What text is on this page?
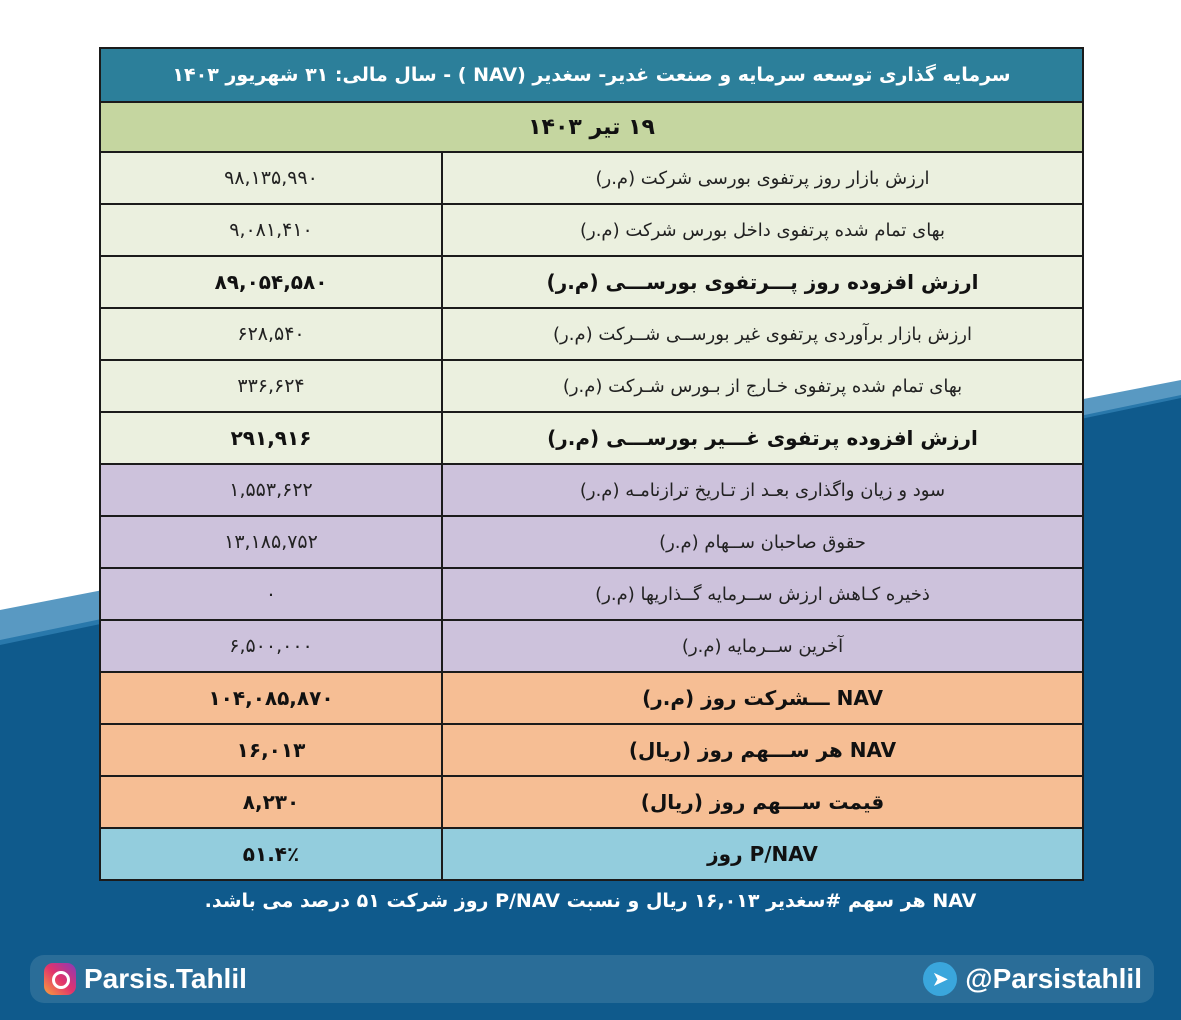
سرمایه گذاری توسعه سرمایه و صنعت غدیر- سغدیر (NAV ) - سال مالی: ۳۱ شهریور ۱۴۰۳
۱۹ تیر ۱۴۰۳
۹۸,۱۳۵,۹۹۰	ارزش بازار روز پرتفوی بورسی شرکت (م.ر)
۹,۰۸۱,۴۱۰	بهای تمام شده پرتفوی داخل بورس شرکت (م.ر)
۸۹,۰۵۴,۵۸۰	ارزش افزوده روز پـــرتفوی بورســـی (م.ر)
۶۲۸,۵۴۰	ارزش بازار برآوردی پرتفوی غیر بورســی شــرکت (م.ر)
۳۳۶,۶۲۴	بهای تمام شده پرتفوی خـارج از بـورس شـرکت (م.ر)
۲۹۱,۹۱۶	ارزش افزوده پرتفوی غـــیر بورســـی (م.ر)
۱,۵۵۳,۶۲۲	سود و زیان واگذاری بعـد از تـاریخ ترازنامـه (م.ر)
۱۳,۱۸۵,۷۵۲	حقوق صاحبان ســهام (م.ر)
۰	ذخیره کـاهش ارزش ســرمایه گــذاریها (م.ر)
۶,۵۰۰,۰۰۰	آخرین ســرمایه (م.ر)
۱۰۴,۰۸۵,۸۷۰	NAV ـــشرکت روز (م.ر)
۱۶,۰۱۳	NAV هر ســـهم روز (ریال)
۸,۲۳۰	قیمت ســـهم روز (ریال)
۵۱.۴٪	P/NAV روز
NAV هر سهم #سغدیر ۱۶,۰۱۳ ریال و نسبت P/NAV روز شرکت ۵۱ درصد می باشد.
Parsis.Tahlil	➤ @Parsistahlil
